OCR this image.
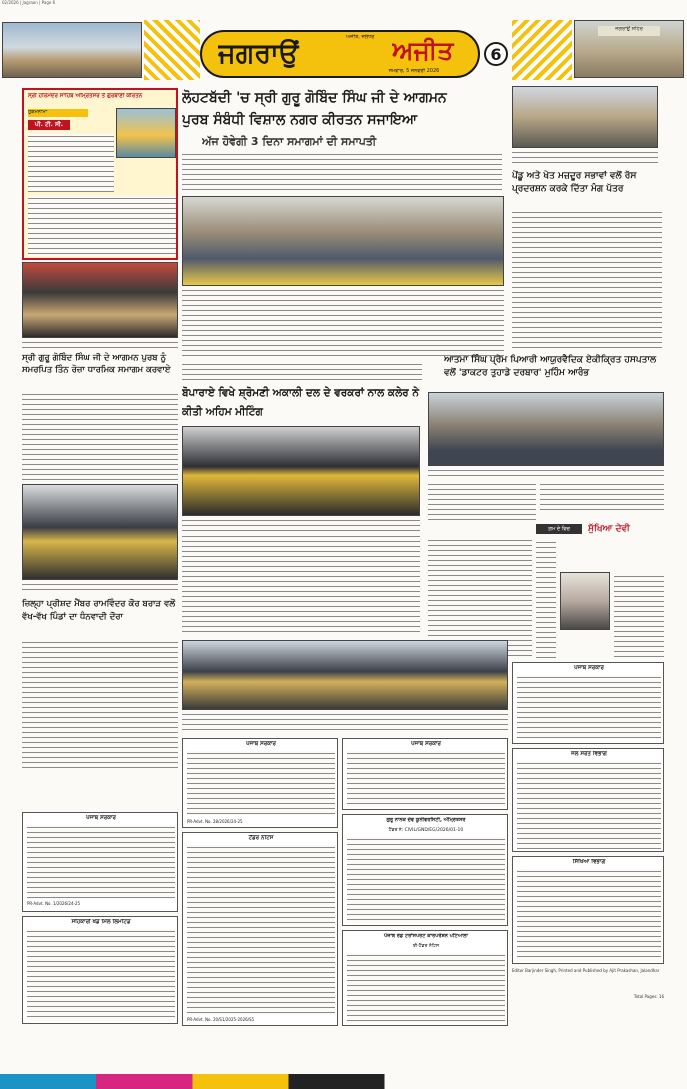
02/2026 | Jagraon | Page 6
ਜਗਰਾਉਂ
ਅਜੀਤ, ਜਲੰਧਰ ਅਜੀਤ
ਸੋਮਵਾਰ, 5 ਜਨਵਰੀ 2026
6
ਜਗਰਾਉਂ ਸ਼ਹਿਰ
ਸ੍ਰੀ ਹਰਿਮੰਦਰ ਸਾਹਿਬ ਅੰਮ੍ਰਿਤਸਰ ਤੋਂ ਗੁਰਬਾਣੀ ਕੀਰਤਨ
ਹੁਕਮਨਾਮਾ
ਪੀ. ਟੀ. ਸੀ.
ਲੋਹਟਬੱਦੀ 'ਚ ਸ੍ਰੀ ਗੁਰੂ ਗੋਬਿੰਦ ਸਿੰਘ ਜੀ ਦੇ ਆਗਮਨ
ਪੁਰਬ ਸੰਬੰਧੀ ਵਿਸ਼ਾਲ ਨਗਰ ਕੀਰਤਨ ਸਜਾਇਆ
ਅੱਜ ਹੋਵੇਗੀ 3 ਦਿਨਾ ਸਮਾਗਮਾਂ ਦੀ ਸਮਾਪਤੀ
ਪੇਂਡੂ ਅਤੇ ਖੇਤ ਮਜ਼ਦੂਰ ਸਭਾਵਾਂ ਵਲੋਂ ਰੋਸ ਪ੍ਰਦਰਸ਼ਨ ਕਰਕੇ ਦਿੱਤਾ ਮੰਗ ਪੱਤਰ
ਸ੍ਰੀ ਗੁਰੂ ਗੋਬਿੰਦ ਸਿੰਘ ਜੀ ਦੇ ਆਗਮਨ ਪੁਰਬ ਨੂੰ ਸਮਰਪਿਤ ਤਿੰਨ ਰੋਜ਼ਾ ਧਾਰਮਿਕ ਸਮਾਗਮ ਕਰਵਾਏ
ਆਤਮਾ ਸਿੰਘ ਪ੍ਰੇਮ ਪਿਆਰੀ ਆਯੁਰਵੈਦਿਕ ਏਕੀਕ੍ਰਿਤ ਹਸਪਤਾਲ ਵਲੋਂ 'ਡਾਕਟਰ ਤੁਹਾਡੇ ਦਰਬਾਰ' ਮੁਹਿੰਮ ਆਰੰਭ
ਬੋਪਾਰਾਏ ਵਿਖੇ ਸ਼੍ਰੋਮਣੀ ਅਕਾਲੀ ਦਲ ਦੇ ਵਰਕਰਾਂ ਨਾਲ ਕਲੇਰ ਨੇ ਕੀਤੀ ਅਹਿਮ ਮੀਟਿੰਗ
ਜ਼ਿਲ੍ਹਾ ਪ੍ਰੀਸ਼ਦ ਮੈਂਬਰ ਰਾਮਵਿੰਦਰ ਕੌਰ ਬਰਾੜ ਵਲੋਂ ਵੱਖ-ਵੱਖ ਪਿੰਡਾਂ ਦਾ ਧੰਨਵਾਦੀ ਦੌਰਾ
ਗ਼ਮ ਦੇ ਵਿਚ	ਸੁੱਖਿਆ ਦੇਵੀ
ਪੰਜਾਬ ਸਰਕਾਰ
ਜਲ ਸਰੋਤ ਵਿਭਾਗ
ਸਿੱਖਿਆ ਵਿਭਾਗ
Editor Barjinder Singh, Printed and Published by Ajit Prakashan, Jalandhar
Total Pages: 16
ਪੰਜਾਬ ਸਰਕਾਰ
PR-Advt. No. 28/2026/24-25
ਪੰਜਾਬ ਸਰਕਾਰ
ਗੁਰੂ ਨਾਨਕ ਦੇਵ ਯੂਨੀਵਰਸਿਟੀ, ਅੰਮ੍ਰਿਤਸਰ
ਟੈਂਡਰ ਨੰ: CIVIL/GND/EG/2026/01-10
ਪੰਜਾਬ ਰੋਡ ਟਰਾਂਸਪੋਰਟ ਕਾਰਪੋਰੇਸ਼ਨ ਪਟਿਆਲਾ
ਈ-ਟੈਂਡਰ ਨੋਟਿਸ
ਟੈਂਡਰ ਨੋਟਿਸ
PR-Advt. No. 20/S1/2025-2026/S5
ਪੰਜਾਬ ਸਰਕਾਰ
PR-Advt. No. 1/2026/24-25
ਸਹਿਕਾਰੀ ਖੰਡ ਮਿੱਲ ਲਿਮਟਿਡ
